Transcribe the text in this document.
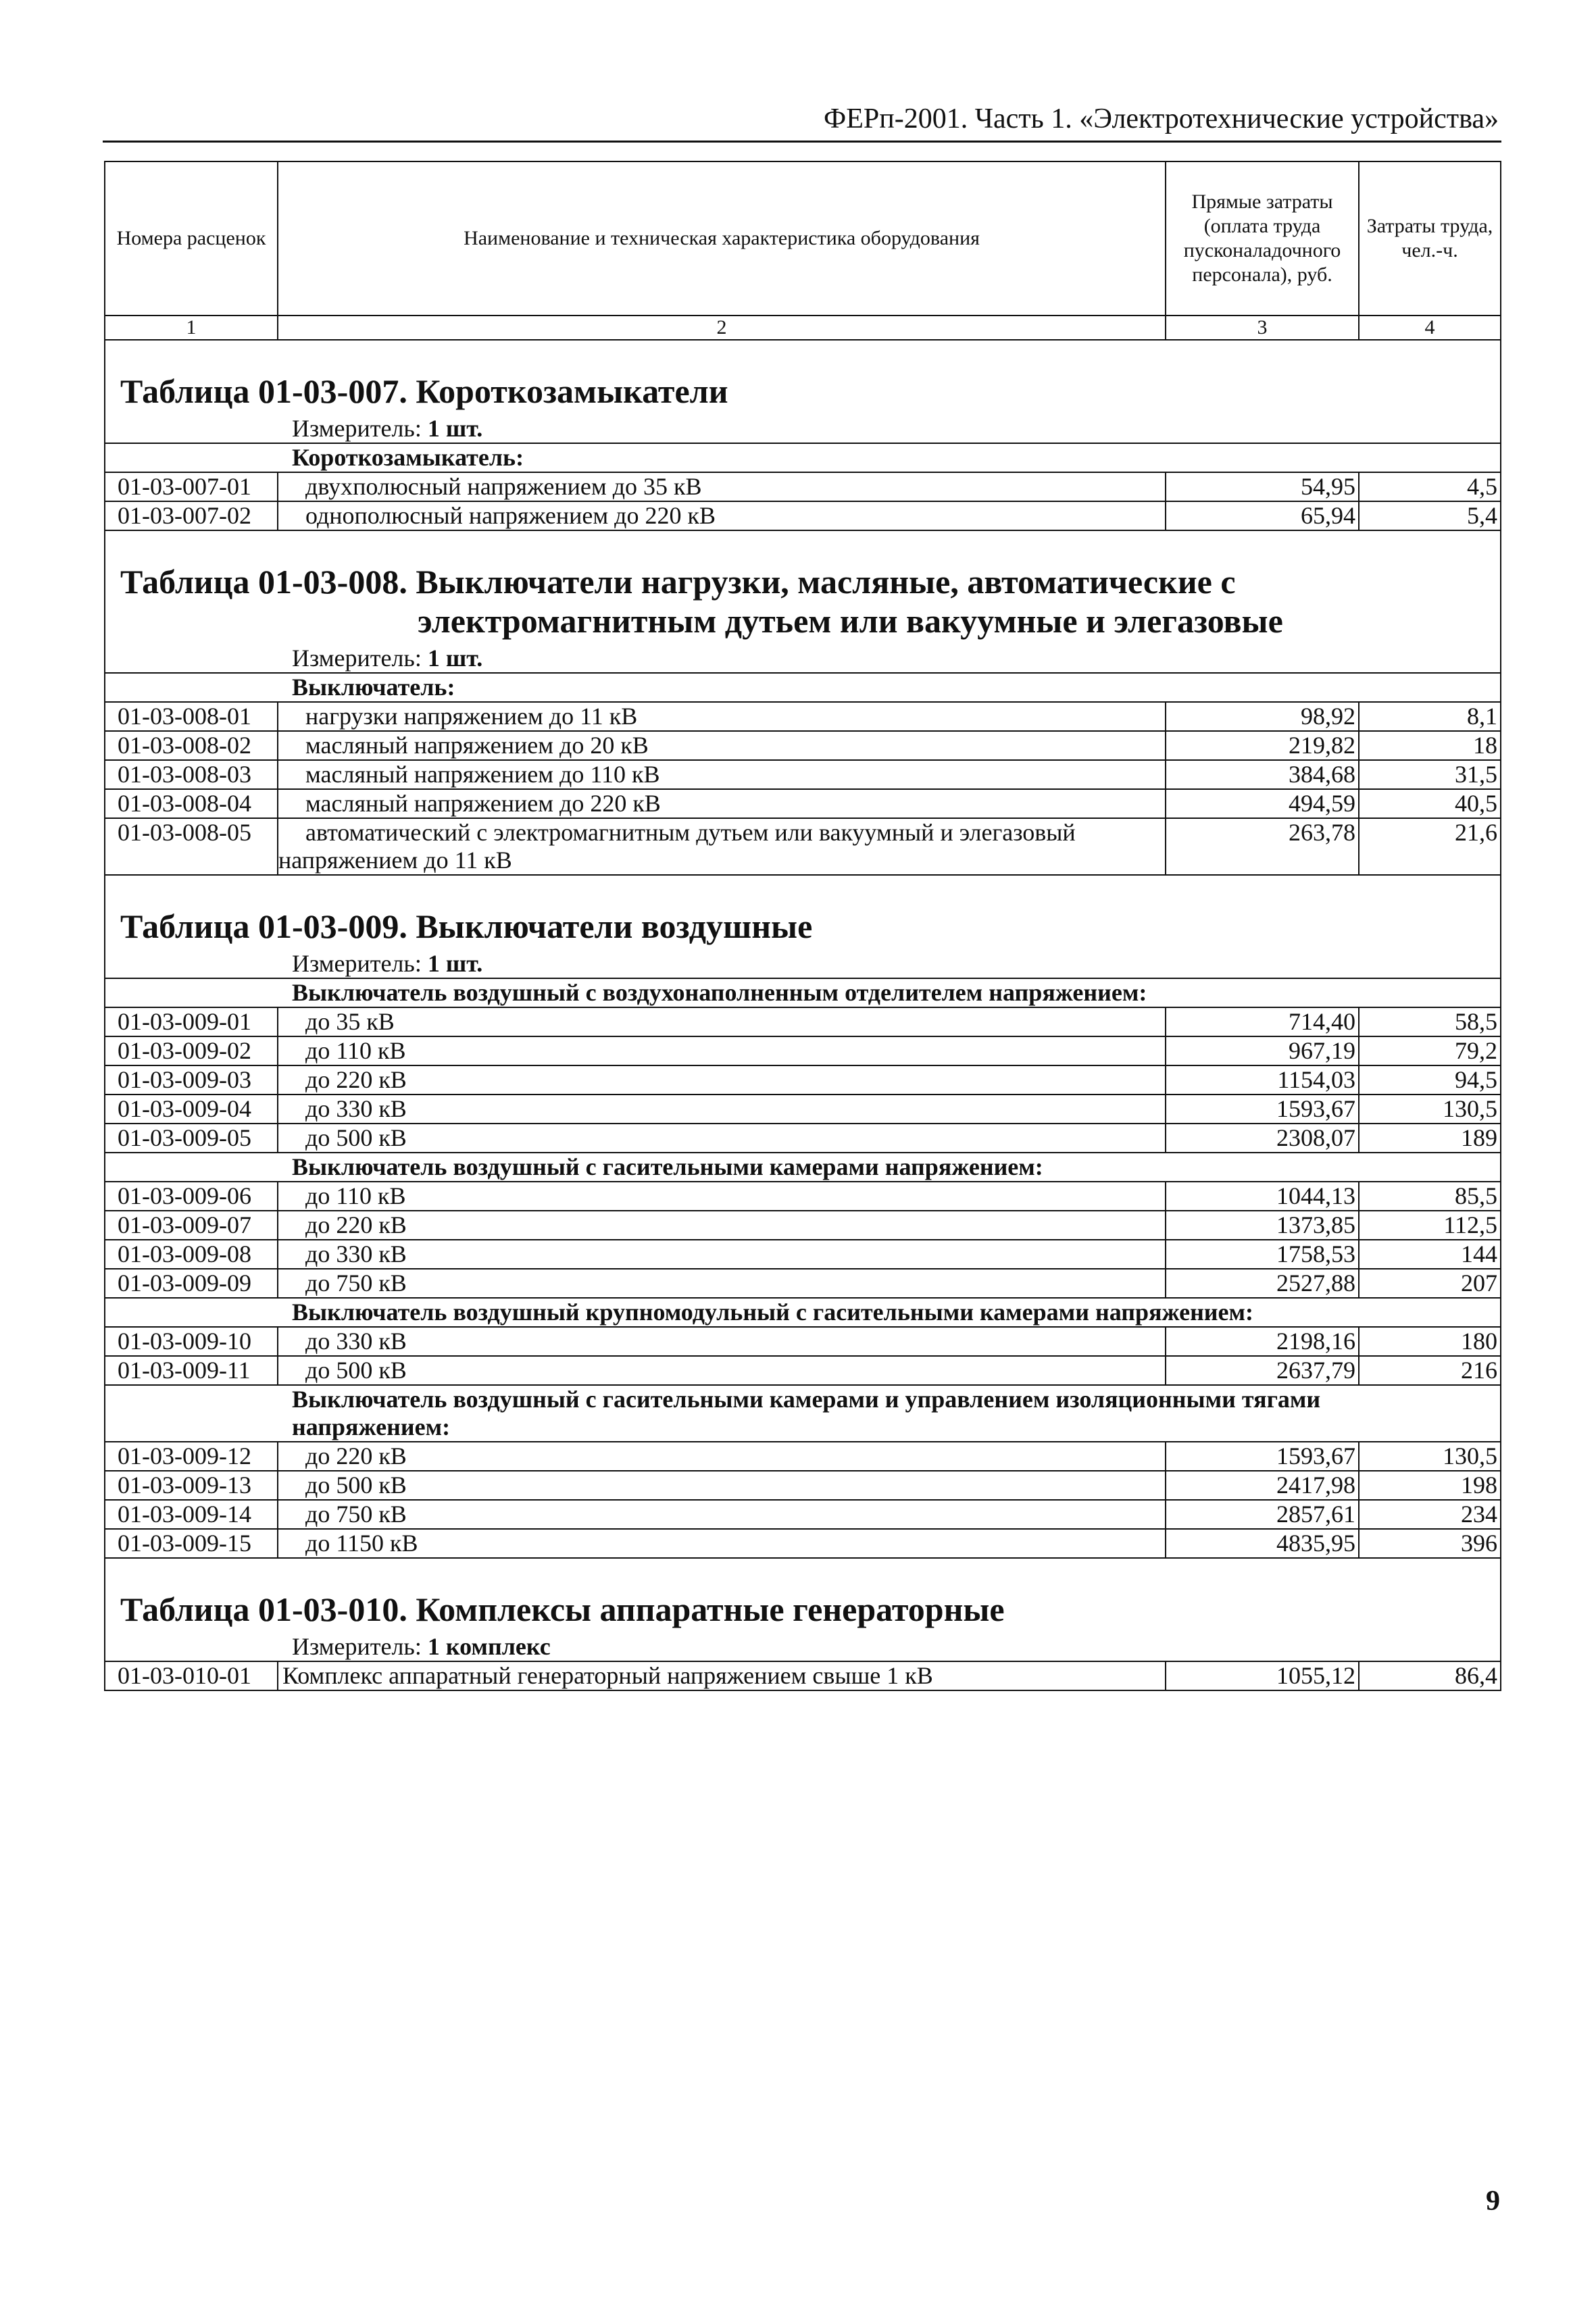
ФЕРп-2001. Часть 1. «Электротехнические устройства»
Номера расценок	Наименование и техническая характеристика оборудования	Прямые затраты (оплата труда пусконаладочного персонала), руб.	Затраты труда, чел.-ч.
1	2	3	4
Таблица 01-03-007. Короткозамыкатели			
Измеритель: 1 шт.			
Короткозамыкатель:			
01-03-007-01	двухполюсный напряжением до 35 кВ	54,95	4,5
01-03-007-02	однополюсный напряжением до 220 кВ	65,94	5,4
Таблица 01-03-008. Выключатели нагрузки, масляные, автоматические с
электромагнитным дутьем или вакуумные и элегазовые			

Измеритель: 1 шт.			
Выключатель:			
01-03-008-01	нагрузки напряжением до 11 кВ	98,92	8,1
01-03-008-02	масляный напряжением до 20 кВ	219,82	18
01-03-008-03	масляный напряжением до 110 кВ	384,68	31,5
01-03-008-04	масляный напряжением до 220 кВ	494,59	40,5
01-03-008-05	автоматический с электромагнитным дутьем или вакуумный и элегазовый
напряжением до 11 кВ	263,78	21,6
Таблица 01-03-009. Выключатели воздушные			
Измеритель: 1 шт.			
Выключатель воздушный с воздухонаполненным отделителем напряжением:			
01-03-009-01	до 35 кВ	714,40	58,5
01-03-009-02	до 110 кВ	967,19	79,2
01-03-009-03	до 220 кВ	1154,03	94,5
01-03-009-04	до 330 кВ	1593,67	130,5
01-03-009-05	до 500 кВ	2308,07	189
Выключатель воздушный с гасительными камерами напряжением:			
01-03-009-06	до 110 кВ	1044,13	85,5
01-03-009-07	до 220 кВ	1373,85	112,5
01-03-009-08	до 330 кВ	1758,53	144
01-03-009-09	до 750 кВ	2527,88	207
Выключатель воздушный крупномодульный с гасительными камерами напряжением:			
01-03-009-10	до 330 кВ	2198,16	180
01-03-009-11	до 500 кВ	2637,79	216
Выключатель воздушный с гасительными камерами и управлением изоляционными тягами
напряжением:			
01-03-009-12	до 220 кВ	1593,67	130,5
01-03-009-13	до 500 кВ	2417,98	198
01-03-009-14	до 750 кВ	2857,61	234
01-03-009-15	до 1150 кВ	4835,95	396
Таблица 01-03-010. Комплексы аппаратные генераторные			
Измеритель: 1 комплекс			
01-03-010-01	Комплекс аппаратный генераторный напряжением свыше 1 кВ	1055,12	86,4
9
